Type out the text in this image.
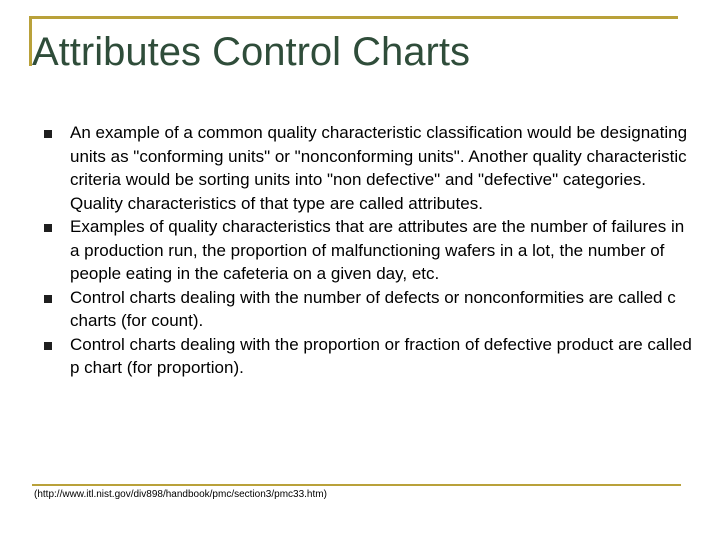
Attributes Control Charts
An example of a common quality characteristic classification would be designating units as "conforming units" or "nonconforming units". Another quality characteristic criteria would be sorting units into "non defective" and "defective" categories. Quality characteristics of that type are called attributes.
Examples of quality characteristics that are attributes are the number of failures in a production run, the proportion of malfunctioning wafers in a lot, the number of people eating in the cafeteria on a given day, etc.
Control charts dealing with the number of defects or nonconformities are called c charts (for count).
Control charts dealing with the proportion or fraction of defective product are called p chart (for proportion).
(http://www.itl.nist.gov/div898/handbook/pmc/section3/pmc33.htm)
